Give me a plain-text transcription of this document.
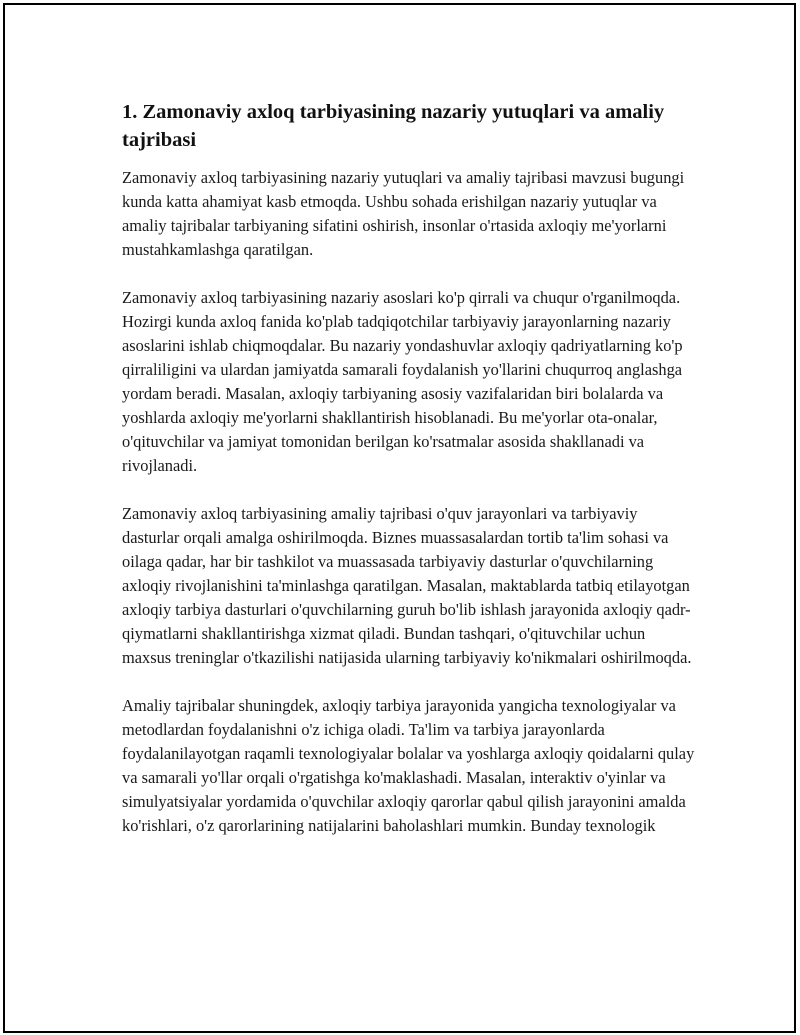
1. Zamonaviy axloq tarbiyasining nazariy yutuqlari va amaliy tajribasi

Zamonaviy axloq tarbiyasining nazariy yutuqlari va amaliy tajribasi mavzusi bugungi kunda katta ahamiyat kasb etmoqda. Ushbu sohada erishilgan nazariy yutuqlar va amaliy tajribalar tarbiyaning sifatini oshirish, insonlar o'rtasida axloqiy me'yorlarni mustahkamlashga qaratilgan.

Zamonaviy axloq tarbiyasining nazariy asoslari ko'p qirrali va chuqur o'rganilmoqda. Hozirgi kunda axloq fanida ko'plab tadqiqotchilar tarbiyaviy jarayonlarning nazariy asoslarini ishlab chiqmoqdalar. Bu nazariy yondashuvlar axloqiy qadriyatlarning ko'p qirraliligini va ulardan jamiyatda samarali foydalanish yo'llarini chuqurroq anglashga yordam beradi. Masalan, axloqiy tarbiyaning asosiy vazifalaridan biri bolalarda va yoshlarda axloqiy me'yorlarni shakllantirish hisoblanadi. Bu me'yorlar ota-onalar, o'qituvchilar va jamiyat tomonidan berilgan ko'rsatmalar asosida shakllanadi va rivojlanadi.

Zamonaviy axloq tarbiyasining amaliy tajribasi o'quv jarayonlari va tarbiyaviy dasturlar orqali amalga oshirilmoqda. Biznes muassasalardan tortib ta'lim sohasi va oilaga qadar, har bir tashkilot va muassasada tarbiyaviy dasturlar o'quvchilarning axloqiy rivojlanishini ta'minlashga qaratilgan. Masalan, maktablarda tatbiq etilayotgan axloqiy tarbiya dasturlari o'quvchilarning guruh bo'lib ishlash jarayonida axloqiy qadr-qiymatlarni shakllantirishga xizmat qiladi. Bundan tashqari, o'qituvchilar uchun maxsus treninglar o'tkazilishi natijasida ularning tarbiyaviy ko'nikmalari oshirilmoqda.

Amaliy tajribalar shuningdek, axloqiy tarbiya jarayonida yangicha texnologiyalar va metodlardan foydalanishni o'z ichiga oladi. Ta'lim va tarbiya jarayonlarda foydalanilayotgan raqamli texnologiyalar bolalar va yoshlarga axloqiy qoidalarni qulay va samarali yo'llar orqali o'rgatishga ko'maklashadi. Masalan, interaktiv o'yinlar va simulyatsiyalar yordamida o'quvchilar axloqiy qarorlar qabul qilish jarayonini amalda ko'rishlari, o'z qarorlarining natijalarini baholashlari mumkin. Bunday texnologik
